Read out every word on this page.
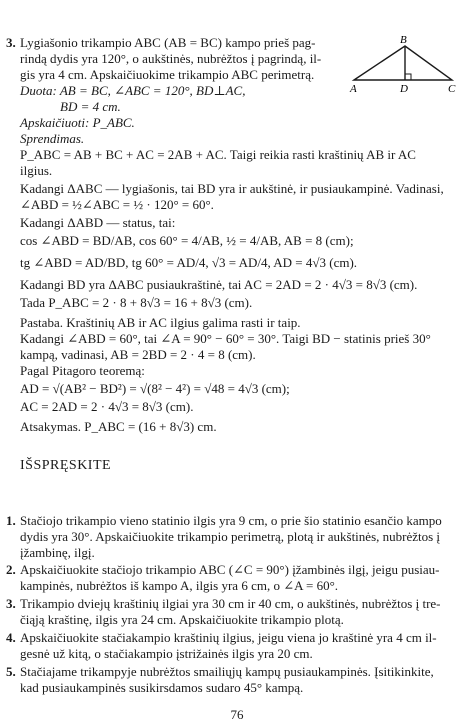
B
A	D	C
3. Lygiašonio trikampio ABC (AB = BC) kampo prieš pag-
rindą dydis yra 120°, o aukštinės, nubrėžtos į pagrindą, il-
gis yra 4 cm. Apskaičiuokime trikampio ABC perimetrą.
Duota: AB = BC, ∠ABC = 120°, BD⊥AC,
BD = 4 cm.
Apskaičiuoti: P_ABC.
Sprendimas.
P_ABC = AB + BC + AC = 2AB + AC. Taigi reikia rasti kraštinių AB ir AC
ilgius.
Kadangi ΔABC — lygiašonis, tai BD yra ir aukštinė, ir pusiaukampinė. Vadinasi,
∠ABD = ½∠ABC = ½ · 120° = 60°.
Kadangi ΔABD — status, tai:
cos ∠ABD = BD/AB, cos 60° = 4/AB, ½ = 4/AB, AB = 8 (cm);
tg ∠ABD = AD/BD, tg 60° = AD/4, √3 = AD/4, AD = 4√3 (cm).
Kadangi BD yra ΔABC pusiaukraštinė, tai AC = 2AD = 2 · 4√3 = 8√3 (cm).
Tada P_ABC = 2 · 8 + 8√3 = 16 + 8√3 (cm).
Pastaba. Kraštinių AB ir AC ilgius galima rasti ir taip.
Kadangi ∠ABD = 60°, tai ∠A = 90° − 60° = 30°. Taigi BD − statinis prieš 30°
kampą, vadinasi, AB = 2BD = 2 · 4 = 8 (cm).
Pagal Pitagoro teoremą:
AD = √(AB² − BD²) = √(8² − 4²) = √48 = 4√3 (cm);
AC = 2AD = 2 · 4√3 = 8√3 (cm).
Atsakymas. P_ABC = (16 + 8√3) cm.
IŠSPRĘSKITE
1. Stačiojo trikampio vieno statinio ilgis yra 9 cm, o prie šio statinio esančio kampo
dydis yra 30°. Apskaičiuokite trikampio perimetrą, plotą ir aukštinės, nubrėžtos į
įžambinę, ilgį.
2. Apskaičiuokite stačiojo trikampio ABC (∠C = 90°) įžambinės ilgį, jeigu pusiau-
kampinės, nubrėžtos iš kampo A, ilgis yra 6 cm, o ∠A = 60°.
3. Trikampio dviejų kraštinių ilgiai yra 30 cm ir 40 cm, o aukštinės, nubrėžtos į tre-
čiąją kraštinę, ilgis yra 24 cm. Apskaičiuokite trikampio plotą.
4. Apskaičiuokite stačiakampio kraštinių ilgius, jeigu viena jo kraštinė yra 4 cm il-
gesnė už kitą, o stačiakampio įstrižainės ilgis yra 20 cm.
5. Stačiajame trikampyje nubrėžtos smailiųjų kampų pusiaukampinės. Įsitikinkite,
kad pusiaukampinės susikirsdamos sudaro 45° kampą.
76
